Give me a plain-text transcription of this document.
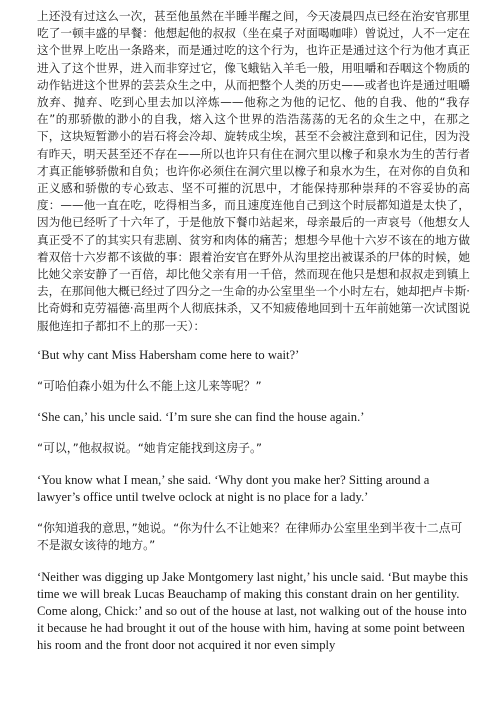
上还没有过这么一次，甚至他虽然在半睡半醒之间，今天凌晨四点已经在治安官那里吃了一顿丰盛的早餐：他想起他的叔叔（坐在桌子对面喝咖啡）曾说过，人不一定在这个世界上吃出一条路来，而是通过吃的这个行为，也许正是通过这个行为他才真正进入了这个世界，进入而非穿过它，像飞蛾钻入羊毛一般，用咀嚼和吞咽这个物质的动作钻进这个世界的芸芸众生之中，从而把整个人类的历史——或者也许是通过咀嚼放弃、抛弃、吃到心里去加以淬炼——他称之为他的记忆、他的自我、他的“我存在”的那骄傲的渺小的自我，熔入这个世界的浩浩荡荡的无名的众生之中，在那之下，这块短暂渺小的岩石将会冷却、旋转成尘埃，甚至不会被注意到和记住，因为没有昨天，明天甚至还不存在——所以也许只有住在洞穴里以橡子和泉水为生的苦行者才真正能够骄傲和自负；也许你必须住在洞穴里以橡子和泉水为生，在对你的自负和正义感和骄傲的专心致志、坚不可摧的沉思中，才能保持那种崇拜的不容妥协的高度：——他一直在吃，吃得相当多，而且速度连他自己到这个时辰都知道是太快了，因为他已经听了十六年了，于是他放下餐巾站起来，母亲最后的一声哀号（他想女人真正受不了的其实只有悲剧、贫穷和肉体的痛苦；想想今早他十六岁不该在的地方做着双倍十六岁都不该做的事：跟着治安官在野外从沟里挖出被谋杀的尸体的时候，她比她父亲安静了一百倍，却比他父亲有用一千倍，然而现在他只是想和叔叔走到镇上去，在那间他大概已经过了四分之一生命的办公室里坐一个小时左右，她却把卢卡斯·比奇姆和克劳福德·高里两个人彻底抹杀，又不知疲倦地回到十五年前她第一次试图说服他连扣子都扣不上的那一天）：

‘But why cant Miss Habersham come here to wait?’

“可哈伯森小姐为什么不能上这儿来等呢？”

‘She can,’ his uncle said. ‘I’m sure she can find the house again.’

“可以，”他叔叔说。“她肯定能找到这房子。”

‘You know what I mean,’ she said. ‘Why dont you make her? Sitting around a lawyer’s office until twelve oclock at night is no place for a lady.’

“你知道我的意思，”她说。“你为什么不让她来？在律师办公室里坐到半夜十二点可不是淑女该待的地方。”

‘Neither was digging up Jake Montgomery last night,’ his uncle said. ‘But maybe this time we will break Lucas Beauchamp of making this constant drain on her gentility. Come along, Chick:’ and so out of the house at last, not walking out of the house into it because he had brought it out of the house with him, having at some point between his room and the front door not acquired it nor even simply
